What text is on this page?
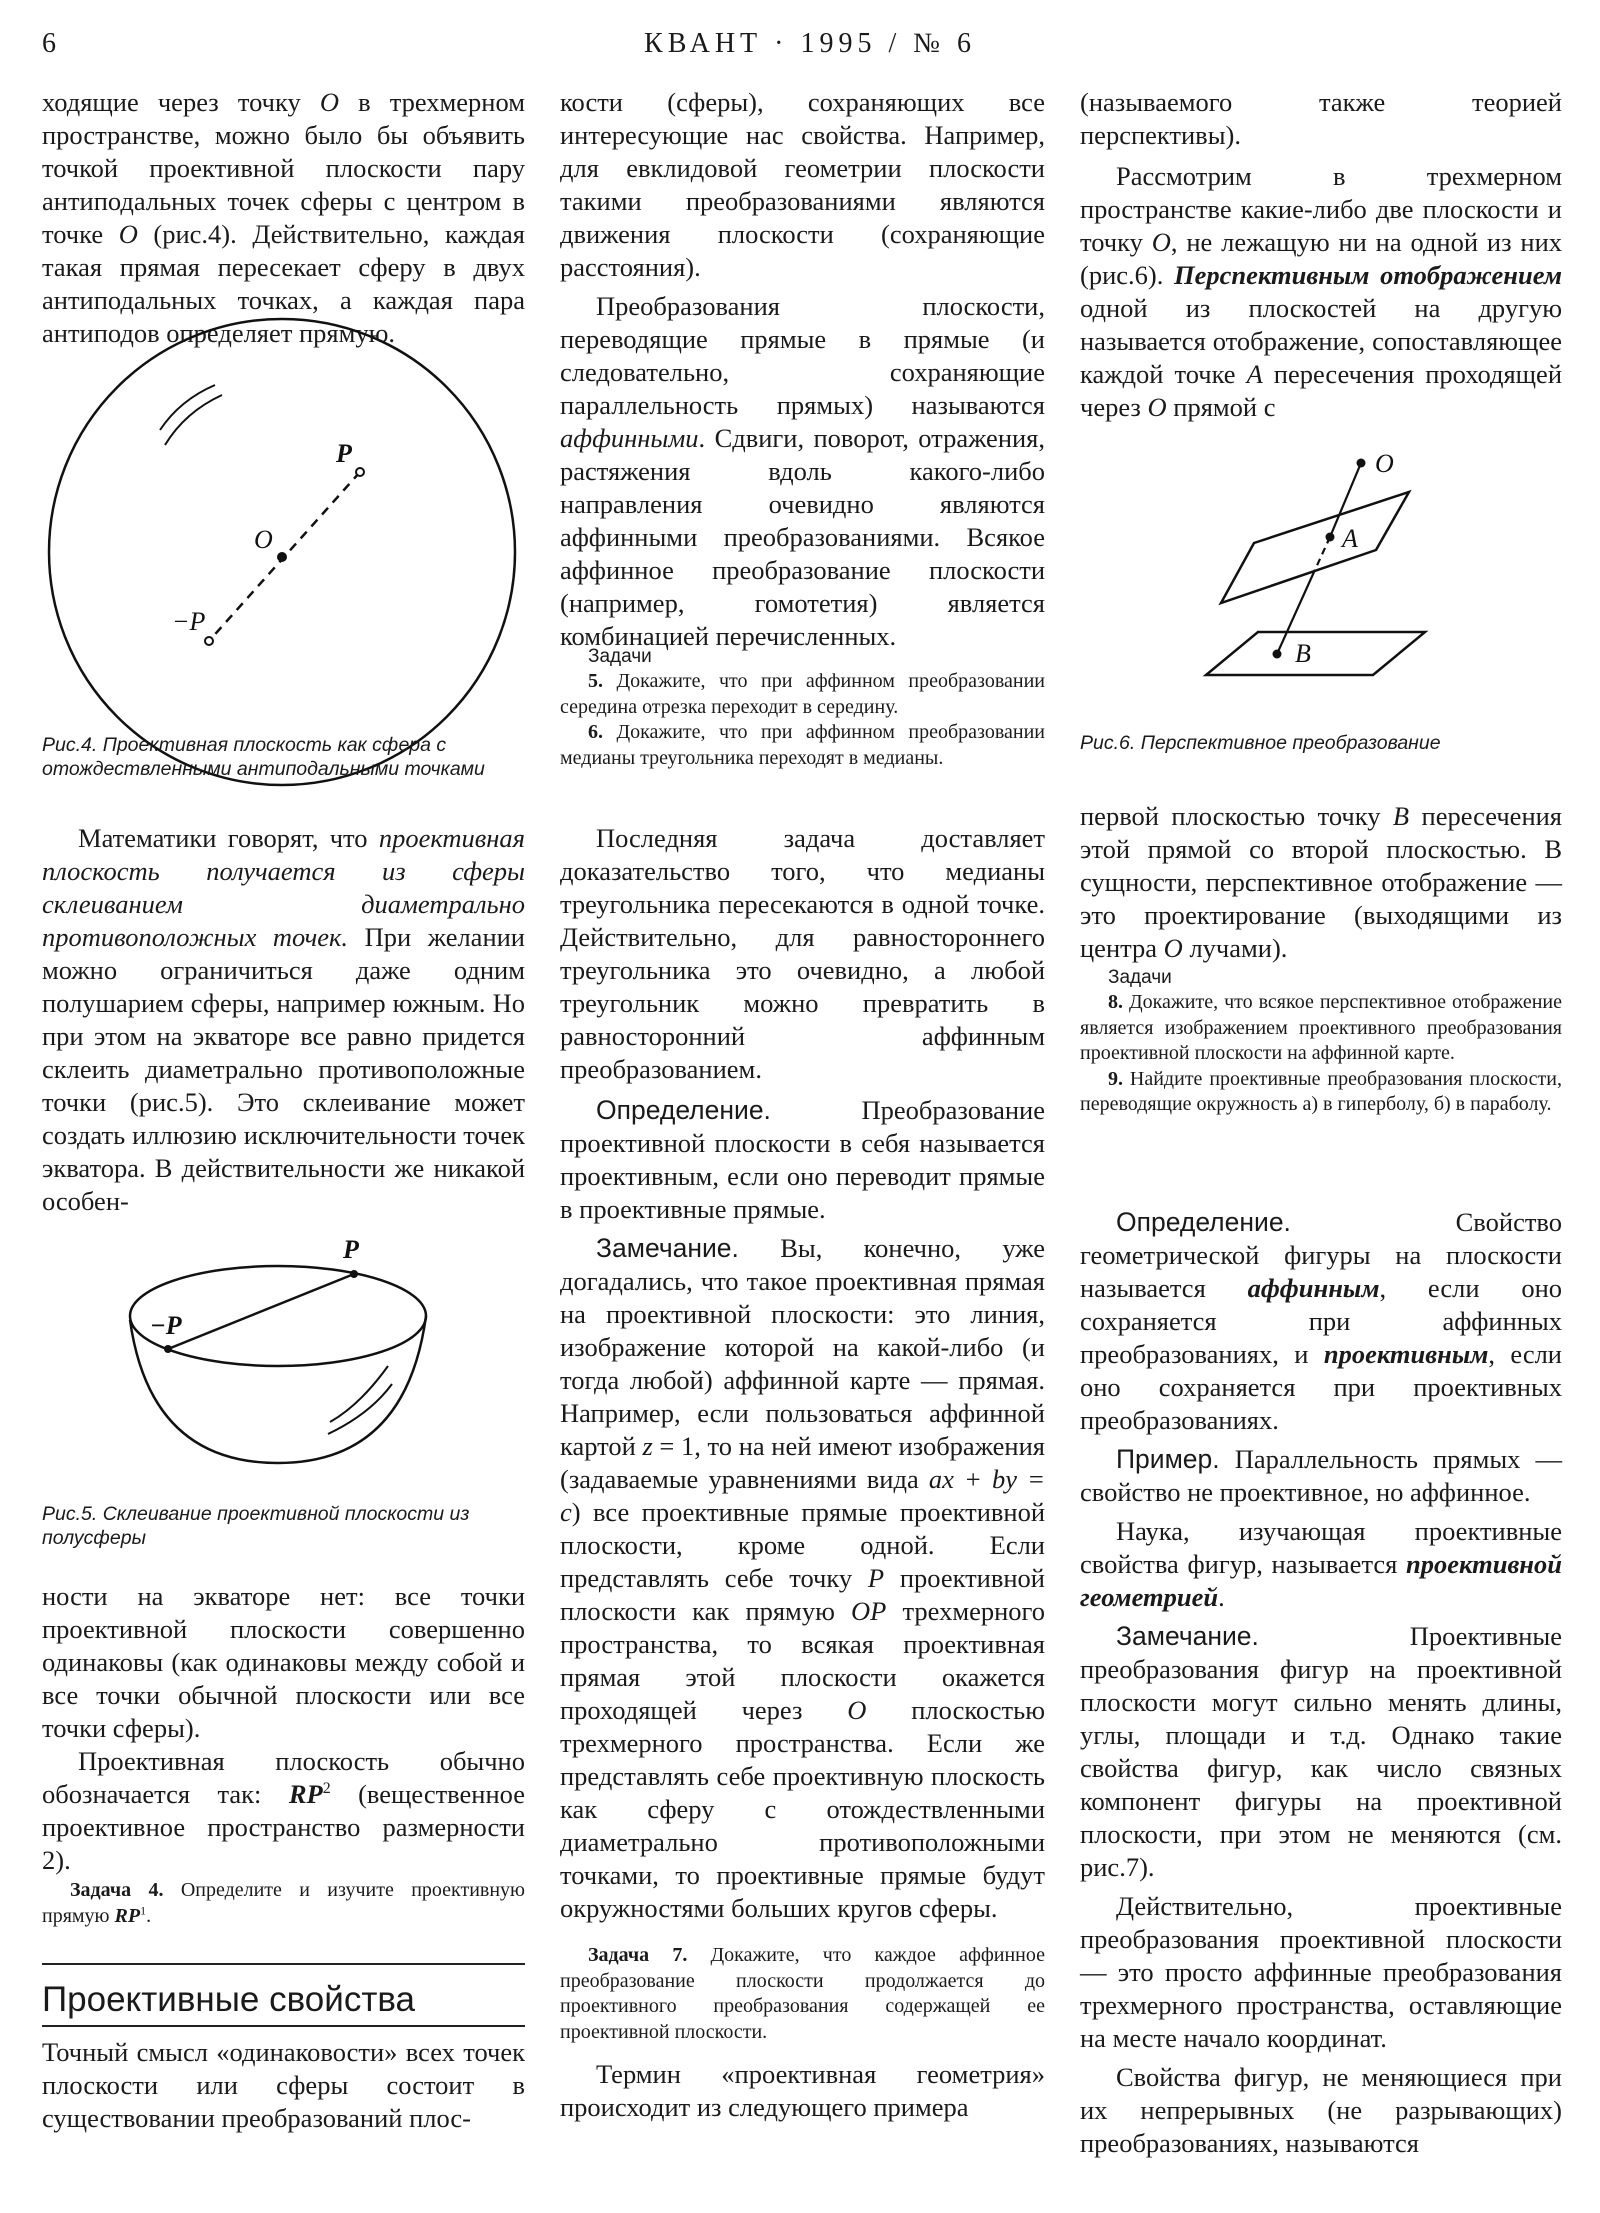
6	КВАНТ · 1995 / № 6

ходящие через точку O в трехмерном пространстве, можно было бы объявить точкой проективной плоскости пару антиподальных точек сферы с центром в точке O (рис.4). Действительно, каждая такая прямая пересекает сферу в двух антиподальных точках, а каждая пара антиподов определяет прямую.

P
O
−P
P
−P
Рис.4. Проективная плоскость как сфера с отождествленными антиподальными точками

Математики говорят, что проективная плоскость получается из сферы склеиванием диаметрально противоположных точек. При желании можно ограничиться даже одним полушарием сферы, например южным. Но при этом на экваторе все равно придется склеить диаметрально противоположные точки (рис.5). Это склеивание может создать иллюзию исключительности точек экватора. В действительности же никакой особен-

Рис.5. Склеивание проективной плоскости из полусферы

ности на экваторе нет: все точки проективной плоскости совершенно одинаковы (как одинаковы между собой и все точки обычной плоскости или все точки сферы).

Проективная плоскость обычно обозначается так: $RP^2$ (вещественное проективное пространство размерности 2).

Задача 4. Определите и изучите проективную прямую $RP^1$.

Проективные свойства

Точный смысл «одинаковости» всех точек плоскости или сферы состоит в существовании преобразований плос-

кости (сферы), сохраняющих все интересующие нас свойства. Например, для евклидовой геометрии плоскости такими преобразованиями являются движения плоскости (сохраняющие расстояния).

Преобразования плоскости, переводящие прямые в прямые (и следовательно, сохраняющие параллельность прямых) называются аффинными. Сдвиги, поворот, отражения, растяжения вдоль какого-либо направления очевидно являются аффинными преобразованиями. Всякое аффинное преобразование плоскости (например, гомотетия) является комбинацией перечисленных.

Задачи

5. Докажите, что при аффинном преобразовании середина отрезка переходит в середину.

6. Докажите, что при аффинном преобразовании медианы треугольника переходят в медианы.

Последняя задача доставляет доказательство того, что медианы треугольника пересекаются в одной точке. Действительно, для равностороннего треугольника это очевидно, а любой треугольник можно превратить в равносторонний аффинным преобразованием.

Определение. Преобразование проективной плоскости в себя называется проективным, если оно переводит прямые в проективные прямые.

Замечание. Вы, конечно, уже догадались, что такое проективная прямая на проективной плоскости: это линия, изображение которой на какой-либо (и тогда любой) аффинной карте — прямая. Например, если пользоваться аффинной картой z = 1, то на ней имеют изображения (задаваемые уравнениями вида ax + by = c) все проективные прямые проективной плоскости, кроме одной. Если представлять себе точку P проективной плоскости как прямую OP трехмерного пространства, то всякая проективная прямая этой плоскости окажется проходящей через O плоскостью трехмерного пространства. Если же представлять себе проективную плоскость как сферу с отождествленными диаметрально противоположными точками, то проективные прямые будут окружностями больших кругов сферы.

Задача 7. Докажите, что каждое аффинное преобразование плоскости продолжается до проективного преобразования содержащей ее проективной плоскости.

Термин «проективная геометрия» происходит из следующего примера

(называемого также теорией перспективы).

Рассмотрим в трехмерном пространстве какие-либо две плоскости и точку O, не лежащую ни на одной из них (рис.6). Перспективным отображением одной из плоскостей на другую называется отображение, сопоставляющее каждой точке A пересечения проходящей через O прямой с

O
A
B
Рис.6. Перспективное преобразование

первой плоскостью точку B пересечения этой прямой со второй плоскостью. В сущности, перспективное отображение — это проектирование (выходящими из центра O лучами).

Задачи

8. Докажите, что всякое перспективное отображение является изображением проективного преобразования проективной плоскости на аффинной карте.

9. Найдите проективные преобразования плоскости, переводящие окружность а) в гиперболу, б) в параболу.

Определение. Свойство геометрической фигуры на плоскости называется аффинным, если оно сохраняется при аффинных преобразованиях, и проективным, если оно сохраняется при проективных преобразованиях.

Пример. Параллельность прямых — свойство не проективное, но аффинное.

Наука, изучающая проективные свойства фигур, называется проективной геометрией.

Замечание. Проективные преобразования фигур на проективной плоскости могут сильно менять длины, углы, площади и т.д. Однако такие свойства фигур, как число связных компонент фигуры на проективной плоскости, при этом не меняются (см. рис.7).

Действительно, проективные преобразования проективной плоскости — это просто аффинные преобразования трехмерного пространства, оставляющие на месте начало координат.

Свойства фигур, не меняющиеся при их непрерывных (не разрывающих) преобразованиях, называются
